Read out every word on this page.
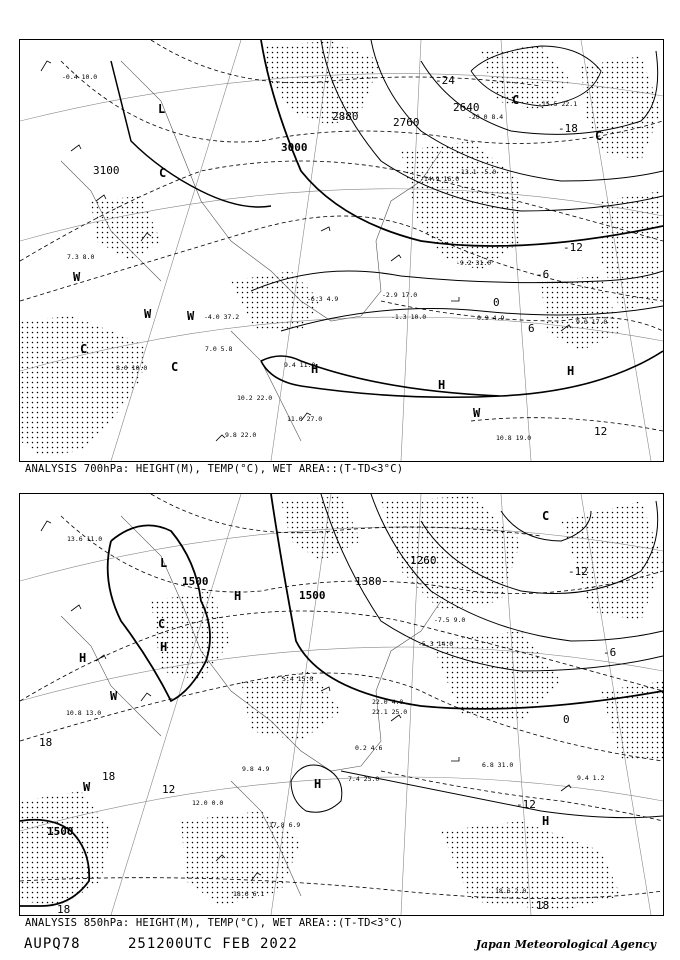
9.4 11.0
10.2 22.0
11.0 27.0
9.8 22.0
7.0 5.8
8.0 10.0
-1.3 10.0
-2.9 17.0
0.9 4.9	9.0 17.0
10.8 19.0
-13.1 -5.0
-15.5 22.1
-20.0 8.4
-14.9 16.0
-9.2 31.0
-6.3 4.9
-4.0 37.2
7.3 8.0
-0.4 10.0
3000
2880	2760
2640
3100
-24
-18
-12
-6
0
6
12
L
H
H
H
C
C
C
C
C
W
W	W
W
ANALYSIS 700hPa: HEIGHT(M), TEMP(°C), WET AREA::(T-TD<3°C)
22.1 25.0
22.0 4.0
6.8 31.0
9.4 1.2
18.6 2.0
0.2 4.6
7.4 25.0
18.6 6.1
17.8 6.9
12.0 0.0
10.8 13.0
13.6 11.0
5.4 15.0
-5.3 14.0
-7.5 9.0
9.8 4.9
1500
1500
1380
1260
1500
-12
-6
0
-12
12
18
18
18	18
L
H
H
H
H
H
C
C
W
W
ANALYSIS 850hPa: HEIGHT(M), TEMP(°C), WET AREA::(T-TD<3°C)
AUPQ78	251200UTC FEB 2022	Japan Meteorological Agency
